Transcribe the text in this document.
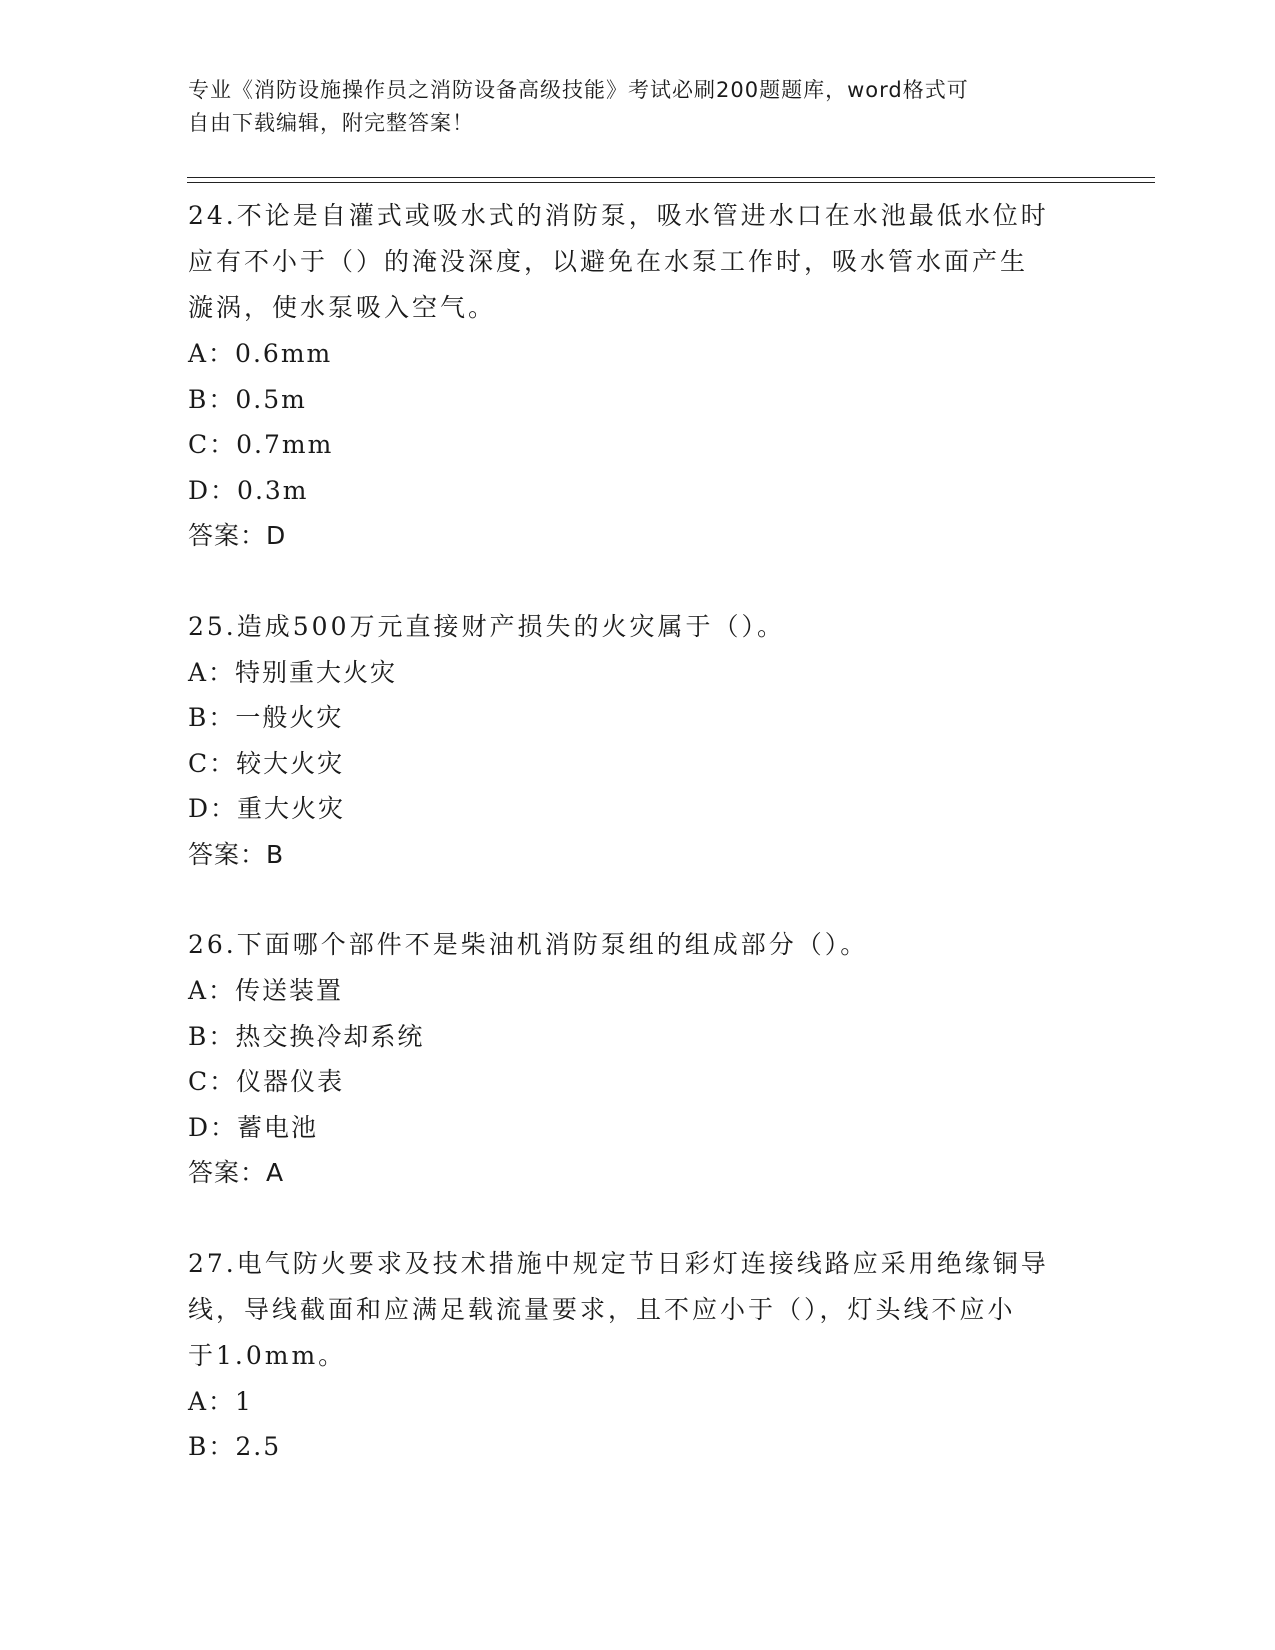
专业《消防设施操作员之消防设备高级技能》考试必刷200题题库，word格式可
自由下载编辑，附完整答案！
24.不论是自灌式或吸水式的消防泵，吸水管进水口在水池最低水位时
应有不小于（）的淹没深度，以避免在水泵工作时，吸水管水面产生
漩涡，使水泵吸入空气。
A：0.6mm
B：0.5m
C：0.7mm
D：0.3m
答案：D
25.造成500万元直接财产损失的火灾属于（）。
A：特别重大火灾
B：一般火灾
C：较大火灾
D：重大火灾
答案：B
26.下面哪个部件不是柴油机消防泵组的组成部分（）。
A：传送装置
B：热交换冷却系统
C：仪器仪表
D：蓄电池
答案：A
27.电气防火要求及技术措施中规定节日彩灯连接线路应采用绝缘铜导
线，导线截面和应满足载流量要求，且不应小于（），灯头线不应小
于1.0mm。
A：1
B：2.5
